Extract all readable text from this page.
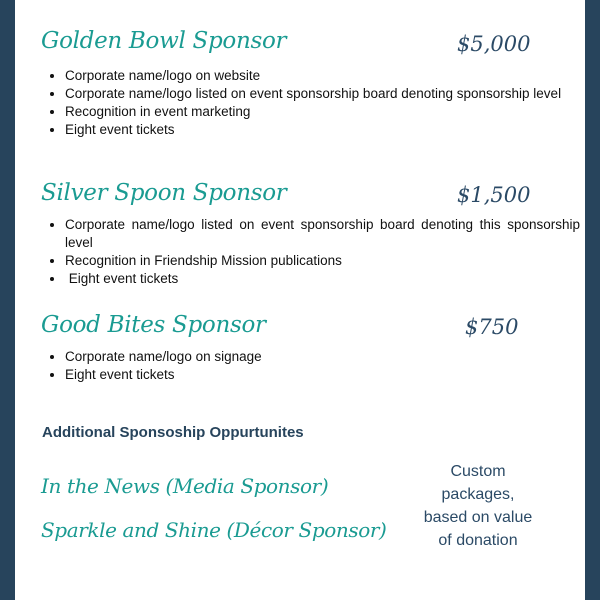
Golden Bowl Sponsor	$5,000
• Corporate name/logo on website
• Corporate name/logo listed on event sponsorship board denoting sponsorship level
• Recognition in event marketing
• Eight event tickets
Silver Spoon Sponsor	$1,500
• Corporate name/logo listed on event sponsorship board denoting this sponsorship level
• Recognition in Friendship Mission publications
•  Eight event tickets
Good Bites Sponsor	$750
• Corporate name/logo on signage
• Eight event tickets
Additional Sponsoship Oppurtunites
In the News (Media Sponsor)
Sparkle and Shine (Décor Sponsor)
Custom
packages,
based on value
of donation
